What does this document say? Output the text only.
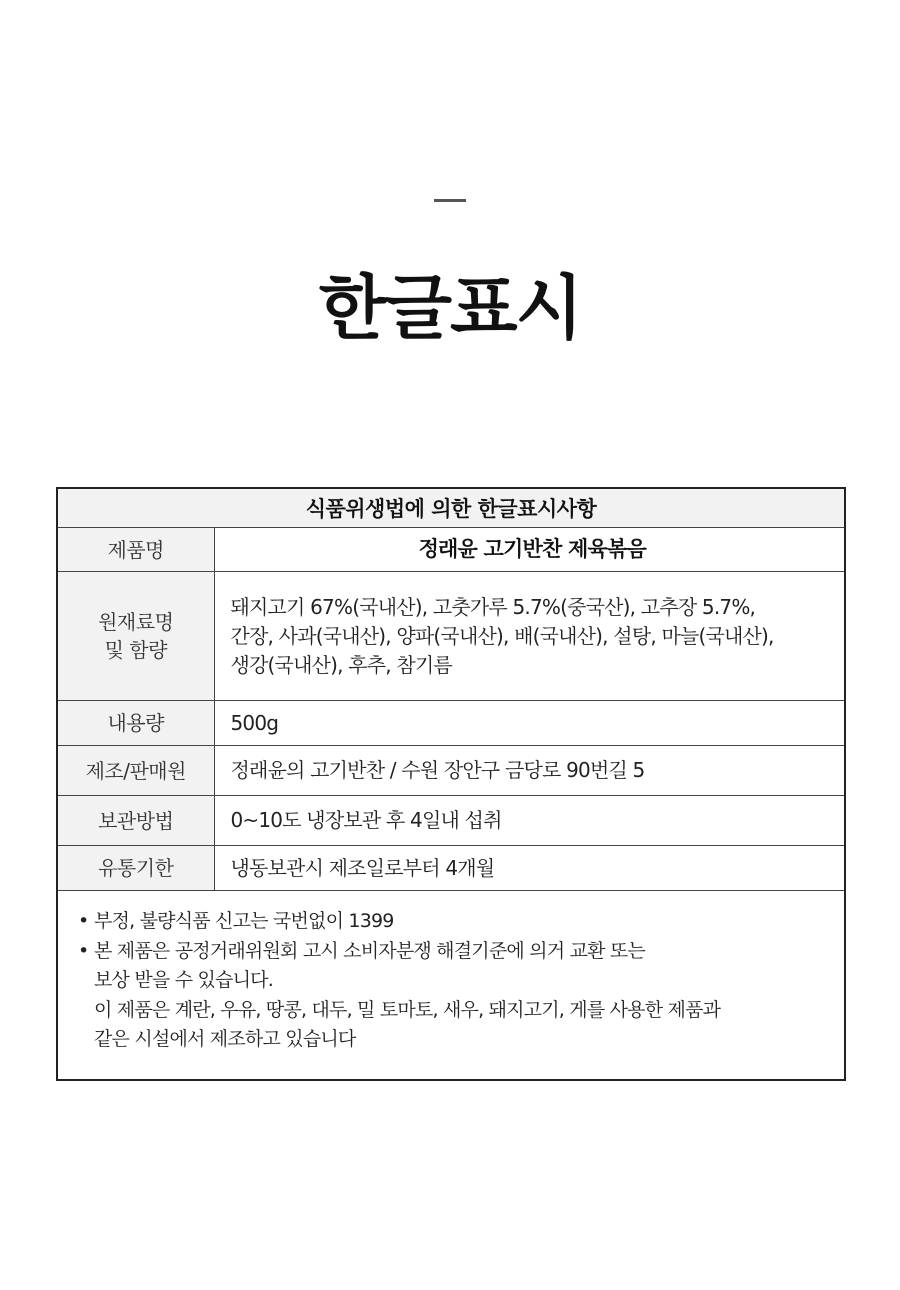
한글표시
식품위생법에 의한 한글표시사항	
제품명	정래윤 고기반찬 제육볶음

원재료명
및 함량	돼지고기 67%(국내산), 고춧가루 5.7%(중국산), 고추장 5.7%,
간장, 사과(국내산), 양파(국내산), 배(국내산), 설탕, 마늘(국내산),
생강(국내산), 후추, 참기름

내용량	500g
제조/판매원	정래윤의 고기반찬 / 수원 장안구 금당로 90번길 5
보관방법	0~10도 냉장보관 후 4일내 섭취
유통기한	냉동보관시 제조일로부터 4개월

• 부정, 불량식품 신고는 국번없이 1399
• 본 제품은 공정거래위원회 고시 소비자분쟁 해결기준에 의거 교환 또는
보상 받을 수 있습니다.
이 제품은 계란, 우유, 땅콩, 대두, 밀 토마토, 새우, 돼지고기, 게를 사용한 제품과
같은 시설에서 제조하고 있습니다
